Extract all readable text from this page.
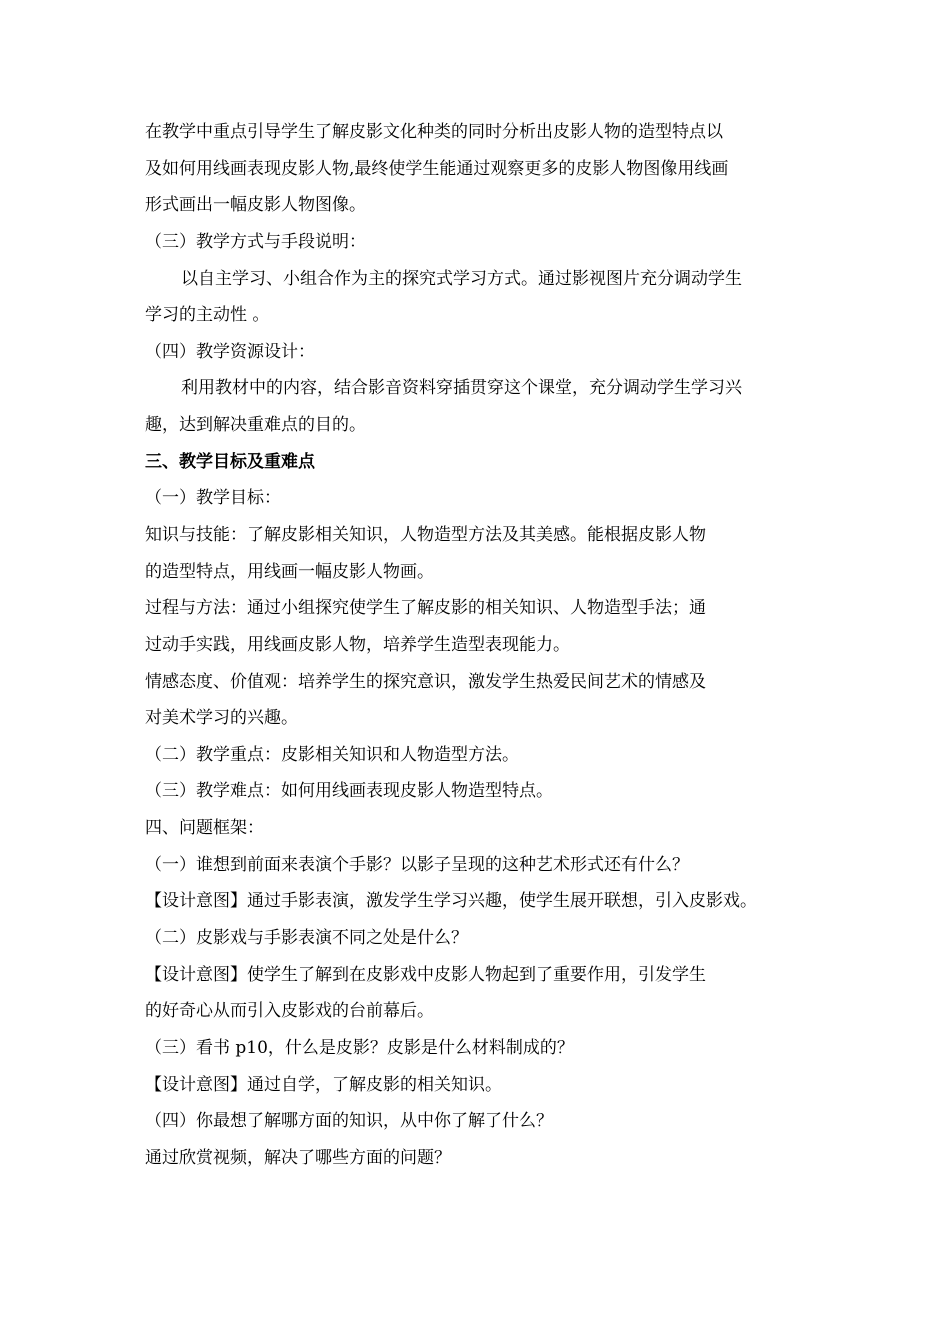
在教学中重点引导学生了解皮影文化种类的同时分析出皮影人物的造型特点以
及如何用线画表现皮影人物,最终使学生能通过观察更多的皮影人物图像用线画
形式画出一幅皮影人物图像。
（三）教学方式与手段说明：
以自主学习、小组合作为主的探究式学习方式。通过影视图片充分调动学生
学习的主动性 。
（四）教学资源设计：
利用教材中的内容，结合影音资料穿插贯穿这个课堂，充分调动学生学习兴
趣，达到解决重难点的目的。
三、教学目标及重难点
（一）教学目标：
知识与技能：了解皮影相关知识，人物造型方法及其美感。能根据皮影人物
的造型特点，用线画一幅皮影人物画。
过程与方法：通过小组探究使学生了解皮影的相关知识、人物造型手法；通
过动手实践，用线画皮影人物，培养学生造型表现能力。
情感态度、价值观：培养学生的探究意识，激发学生热爱民间艺术的情感及
对美术学习的兴趣。
（二）教学重点：皮影相关知识和人物造型方法。
（三）教学难点：如何用线画表现皮影人物造型特点。
四、问题框架：
（一）谁想到前面来表演个手影？以影子呈现的这种艺术形式还有什么？
【设计意图】通过手影表演，激发学生学习兴趣，使学生展开联想，引入皮影戏。
（二）皮影戏与手影表演不同之处是什么？
【设计意图】使学生了解到在皮影戏中皮影人物起到了重要作用，引发学生
的好奇心从而引入皮影戏的台前幕后。
（三）看书 p10，什么是皮影？皮影是什么材料制成的？
【设计意图】通过自学，了解皮影的相关知识。
（四）你最想了解哪方面的知识，从中你了解了什么？
通过欣赏视频，解决了哪些方面的问题？
